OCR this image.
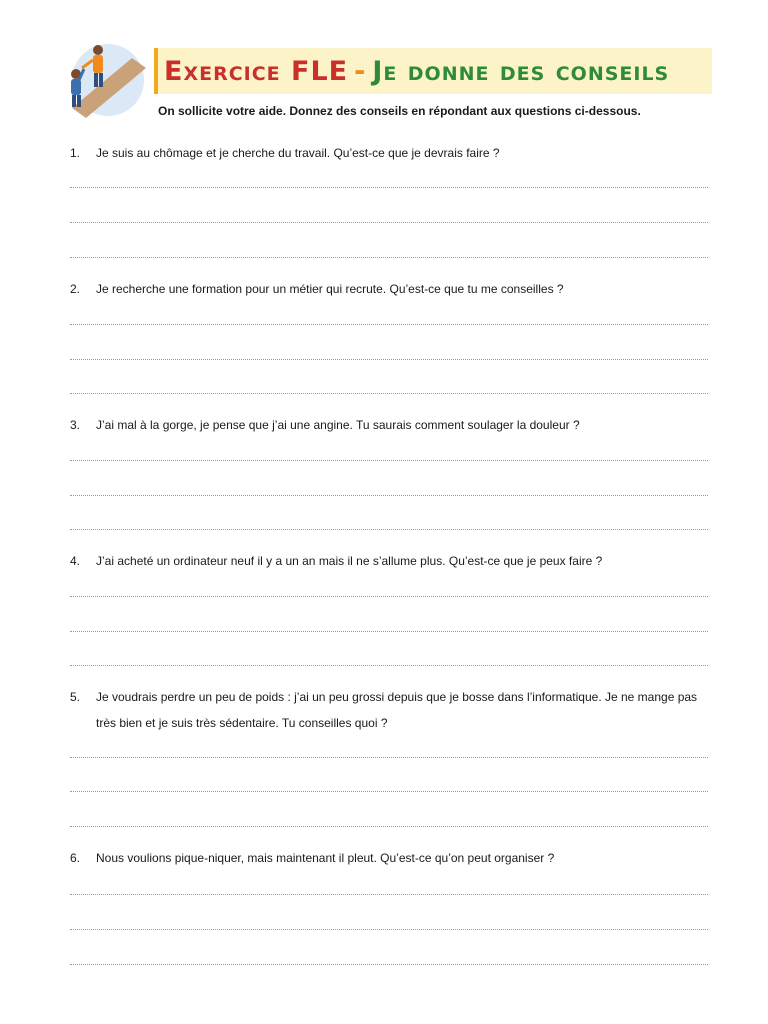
Exercice FLE - Je donne des conseils
On sollicite votre aide. Donnez des conseils en répondant aux questions ci-dessous.
1.	Je suis au chômage et je cherche du travail. Qu’est-ce que je devrais faire ?
2.	Je recherche une formation pour un métier qui recrute. Qu’est-ce que tu me conseilles ?
3.	J’ai mal à la gorge, je pense que j’ai une angine. Tu saurais comment soulager la douleur ?
4.	J’ai acheté un ordinateur neuf il y a un an mais il ne s’allume plus. Qu’est-ce que je peux faire ?
5.	Je voudrais perdre un peu de poids : j’ai un peu grossi depuis que je bosse dans l’informatique. Je ne mange pas très bien et je suis très sédentaire. Tu conseilles quoi ?
6.	Nous voulions pique-niquer, mais maintenant il pleut. Qu’est-ce qu’on peut organiser ?
